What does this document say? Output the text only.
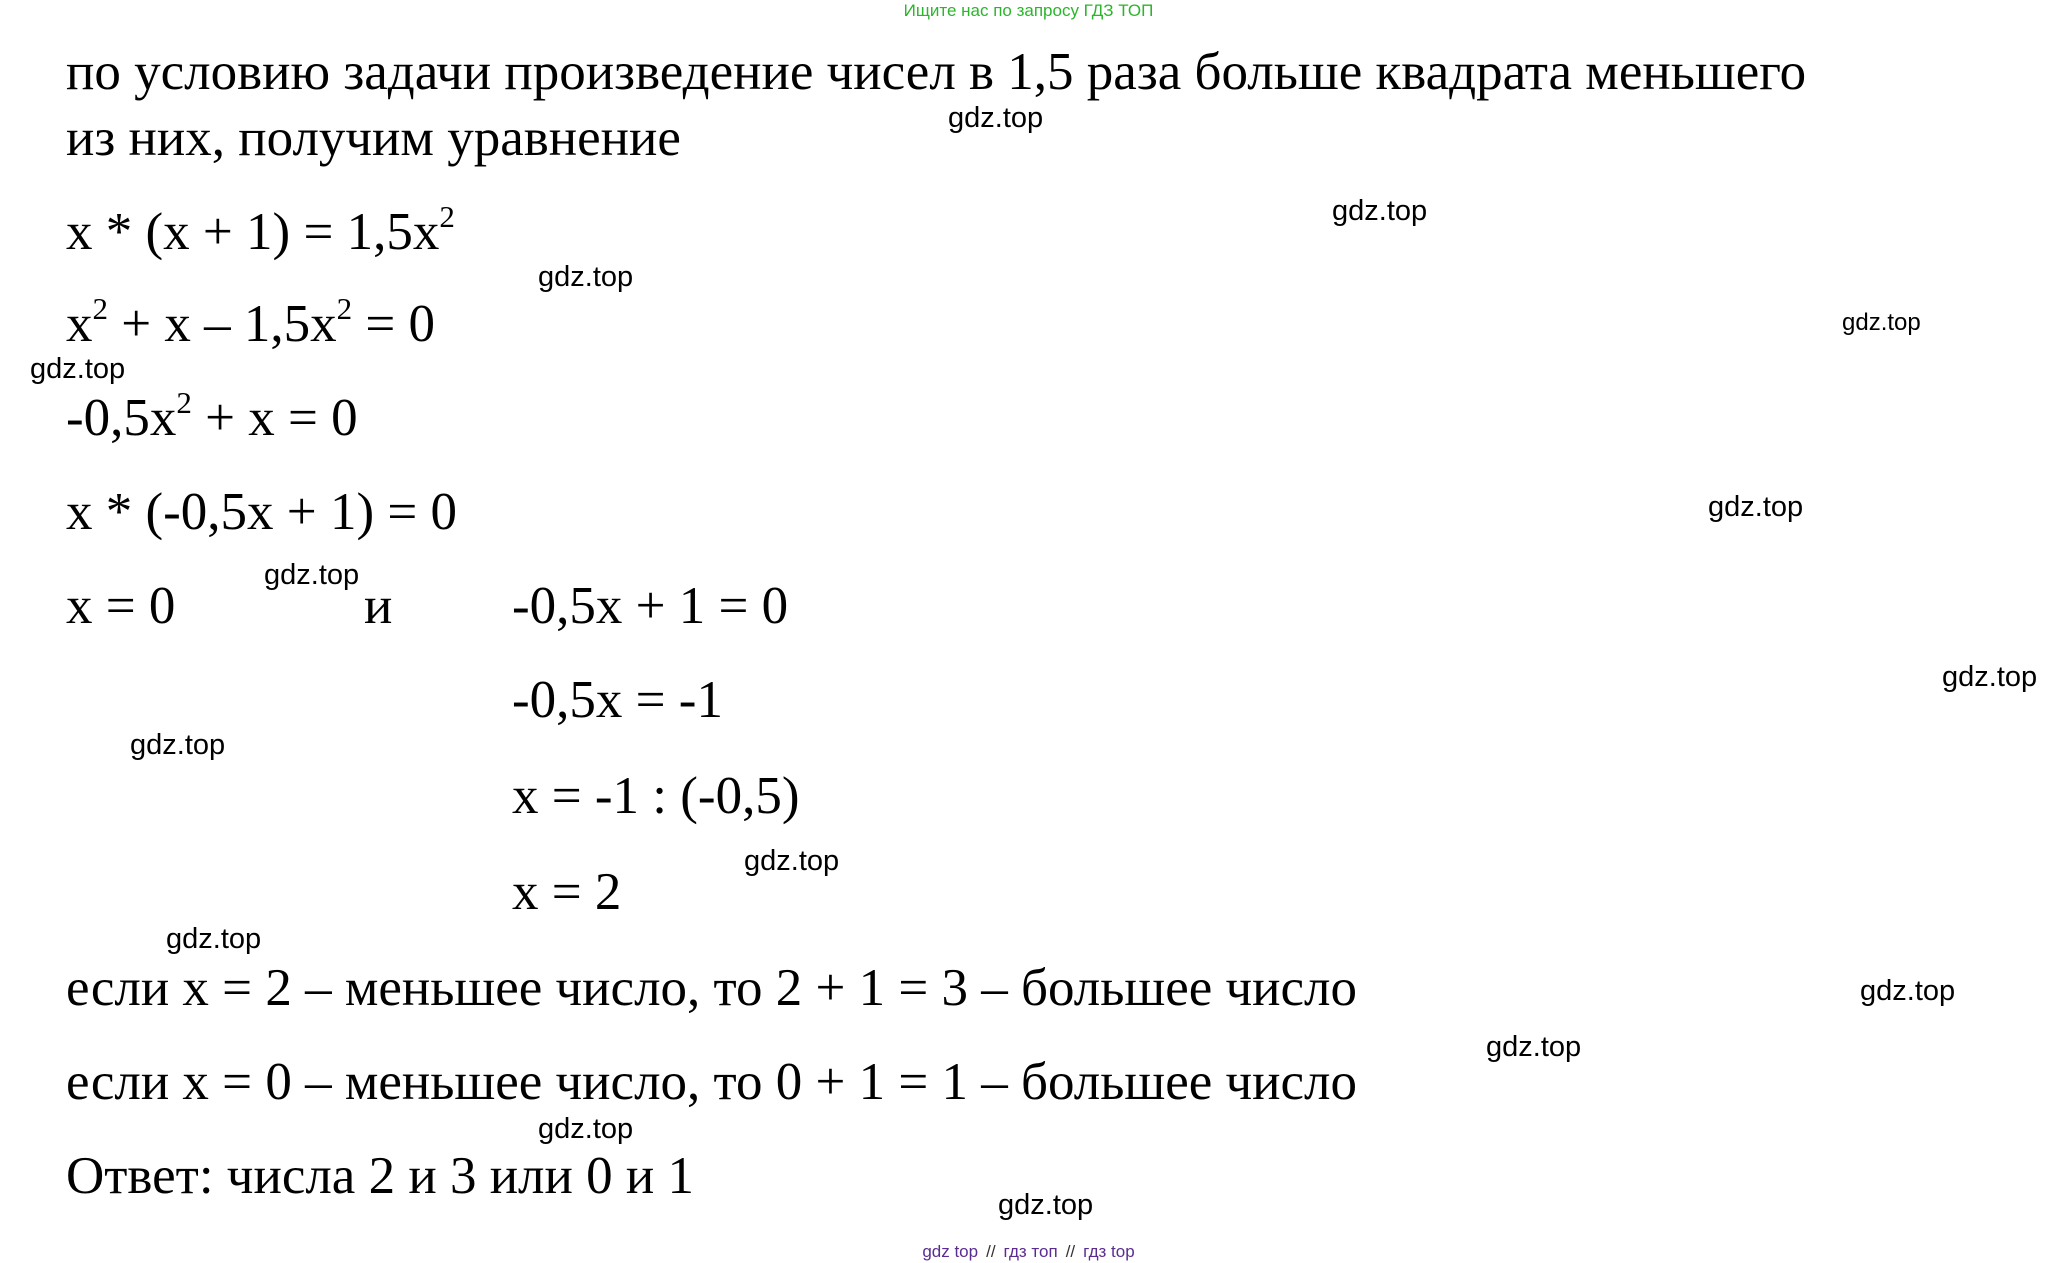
Ищите нас по запросу ГДЗ ТОП
по условию задачи произведение чисел в 1,5 раза больше квадрата меньшего
из них, получим уравнение
$x * (x + 1) = 1,5x^2$
$x^2 + x - 1,5x^2 = 0$
$-0,5x^2 + x = 0$
x * (-0,5x + 1) = 0
x = 0	и -0,5x + 1 = 0
-0,5x = -1
x = -1 : (-0,5)
x = 2
если x = 2 – меньшее число, то 2 + 1 = 3 – большее число
если x = 0 – меньшее число, то 0 + 1 = 1 – большее число
Ответ: числа 2 и 3 или 0 и 1
gdz.top
gdz.top
gdz.top
gdz.top
gdz.top
gdz.top
gdz.top
gdz.top
gdz.top
gdz.top
gdz.top
gdz.top
gdz.top
gdz.top
gdz.top
gdz top // гдз топ // гдз top
